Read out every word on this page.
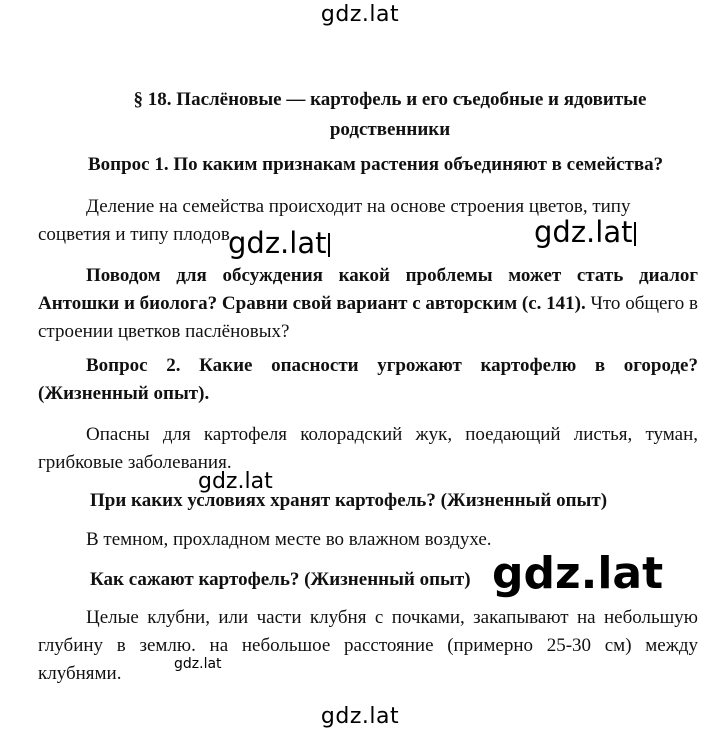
gdz.lat
§ 18. Паслёновые — картофель и его съедобные и ядовитые
родственники
Вопрос 1. По каким признакам растения объединяют в семейства?
Деление на семейства происходит на основе строения цветов, типу
соцветия и типу плодов
gdz.lat	gdz.lat
Поводом для обсуждения какой проблемы может стать диалог Антошки и биолога? Сравни свой вариант с авторским (с. 141). Что общего в строении цветков паслёновых?
Вопрос 2. Какие опасности угрожают картофелю в огороде? (Жизненный опыт).
Опасны для картофеля колорадский жук, поедающий листья, туман, грибковые заболевания.
gdz.lat
При каких условиях хранят картофель? (Жизненный опыт)
В темном, прохладном месте во влажном воздухе.
Как сажают картофель? (Жизненный опыт) gdz.lat
Целые клубни, или части клубня с почками, закапывают на небольшую глубину в землю. на небольшое расстояние (примерно 25-30 см) между клубнями.	gdz.lat
gdz.lat
